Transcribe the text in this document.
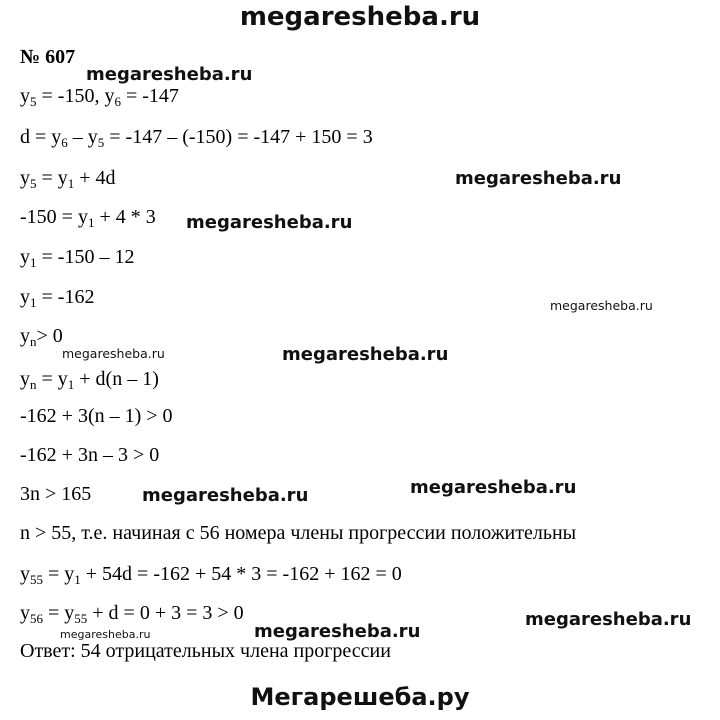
megaresheba.ru
№ 607
$y_5 = -150$, $y_6 = -147$
$d = y_6 - y_5 = -147 - (-150) = -147 + 150 = 3$
$y_5 = y_1 + 4d$
$-150 = y_1 + 4 * 3$
$y_1 = -150 - 12$
$y_1 = -162$
$y_n> 0$
$y_n = y_1 + d(n - 1)$
-162 + 3(n – 1) > 0
-162 + 3n – 3 > 0
3n > 165
n > 55, т.е. начиная с 56 номера члены прогрессии положительны
$y_{55} = y_1 + 54d = -162 + 54 * 3 = -162 + 162 = 0$
$y_{56} = y_{55} + d = 0 + 3 = 3 > 0$
Ответ: 54 отрицательных члена прогрессии
megaresheba.ru
megaresheba.ru
megaresheba.ru
megaresheba.ru
megaresheba.ru	megaresheba.ru
megaresheba.ru
megaresheba.ru
megaresheba.ru
megaresheba.ru
megaresheba.ru
Мегарешеба.ру
